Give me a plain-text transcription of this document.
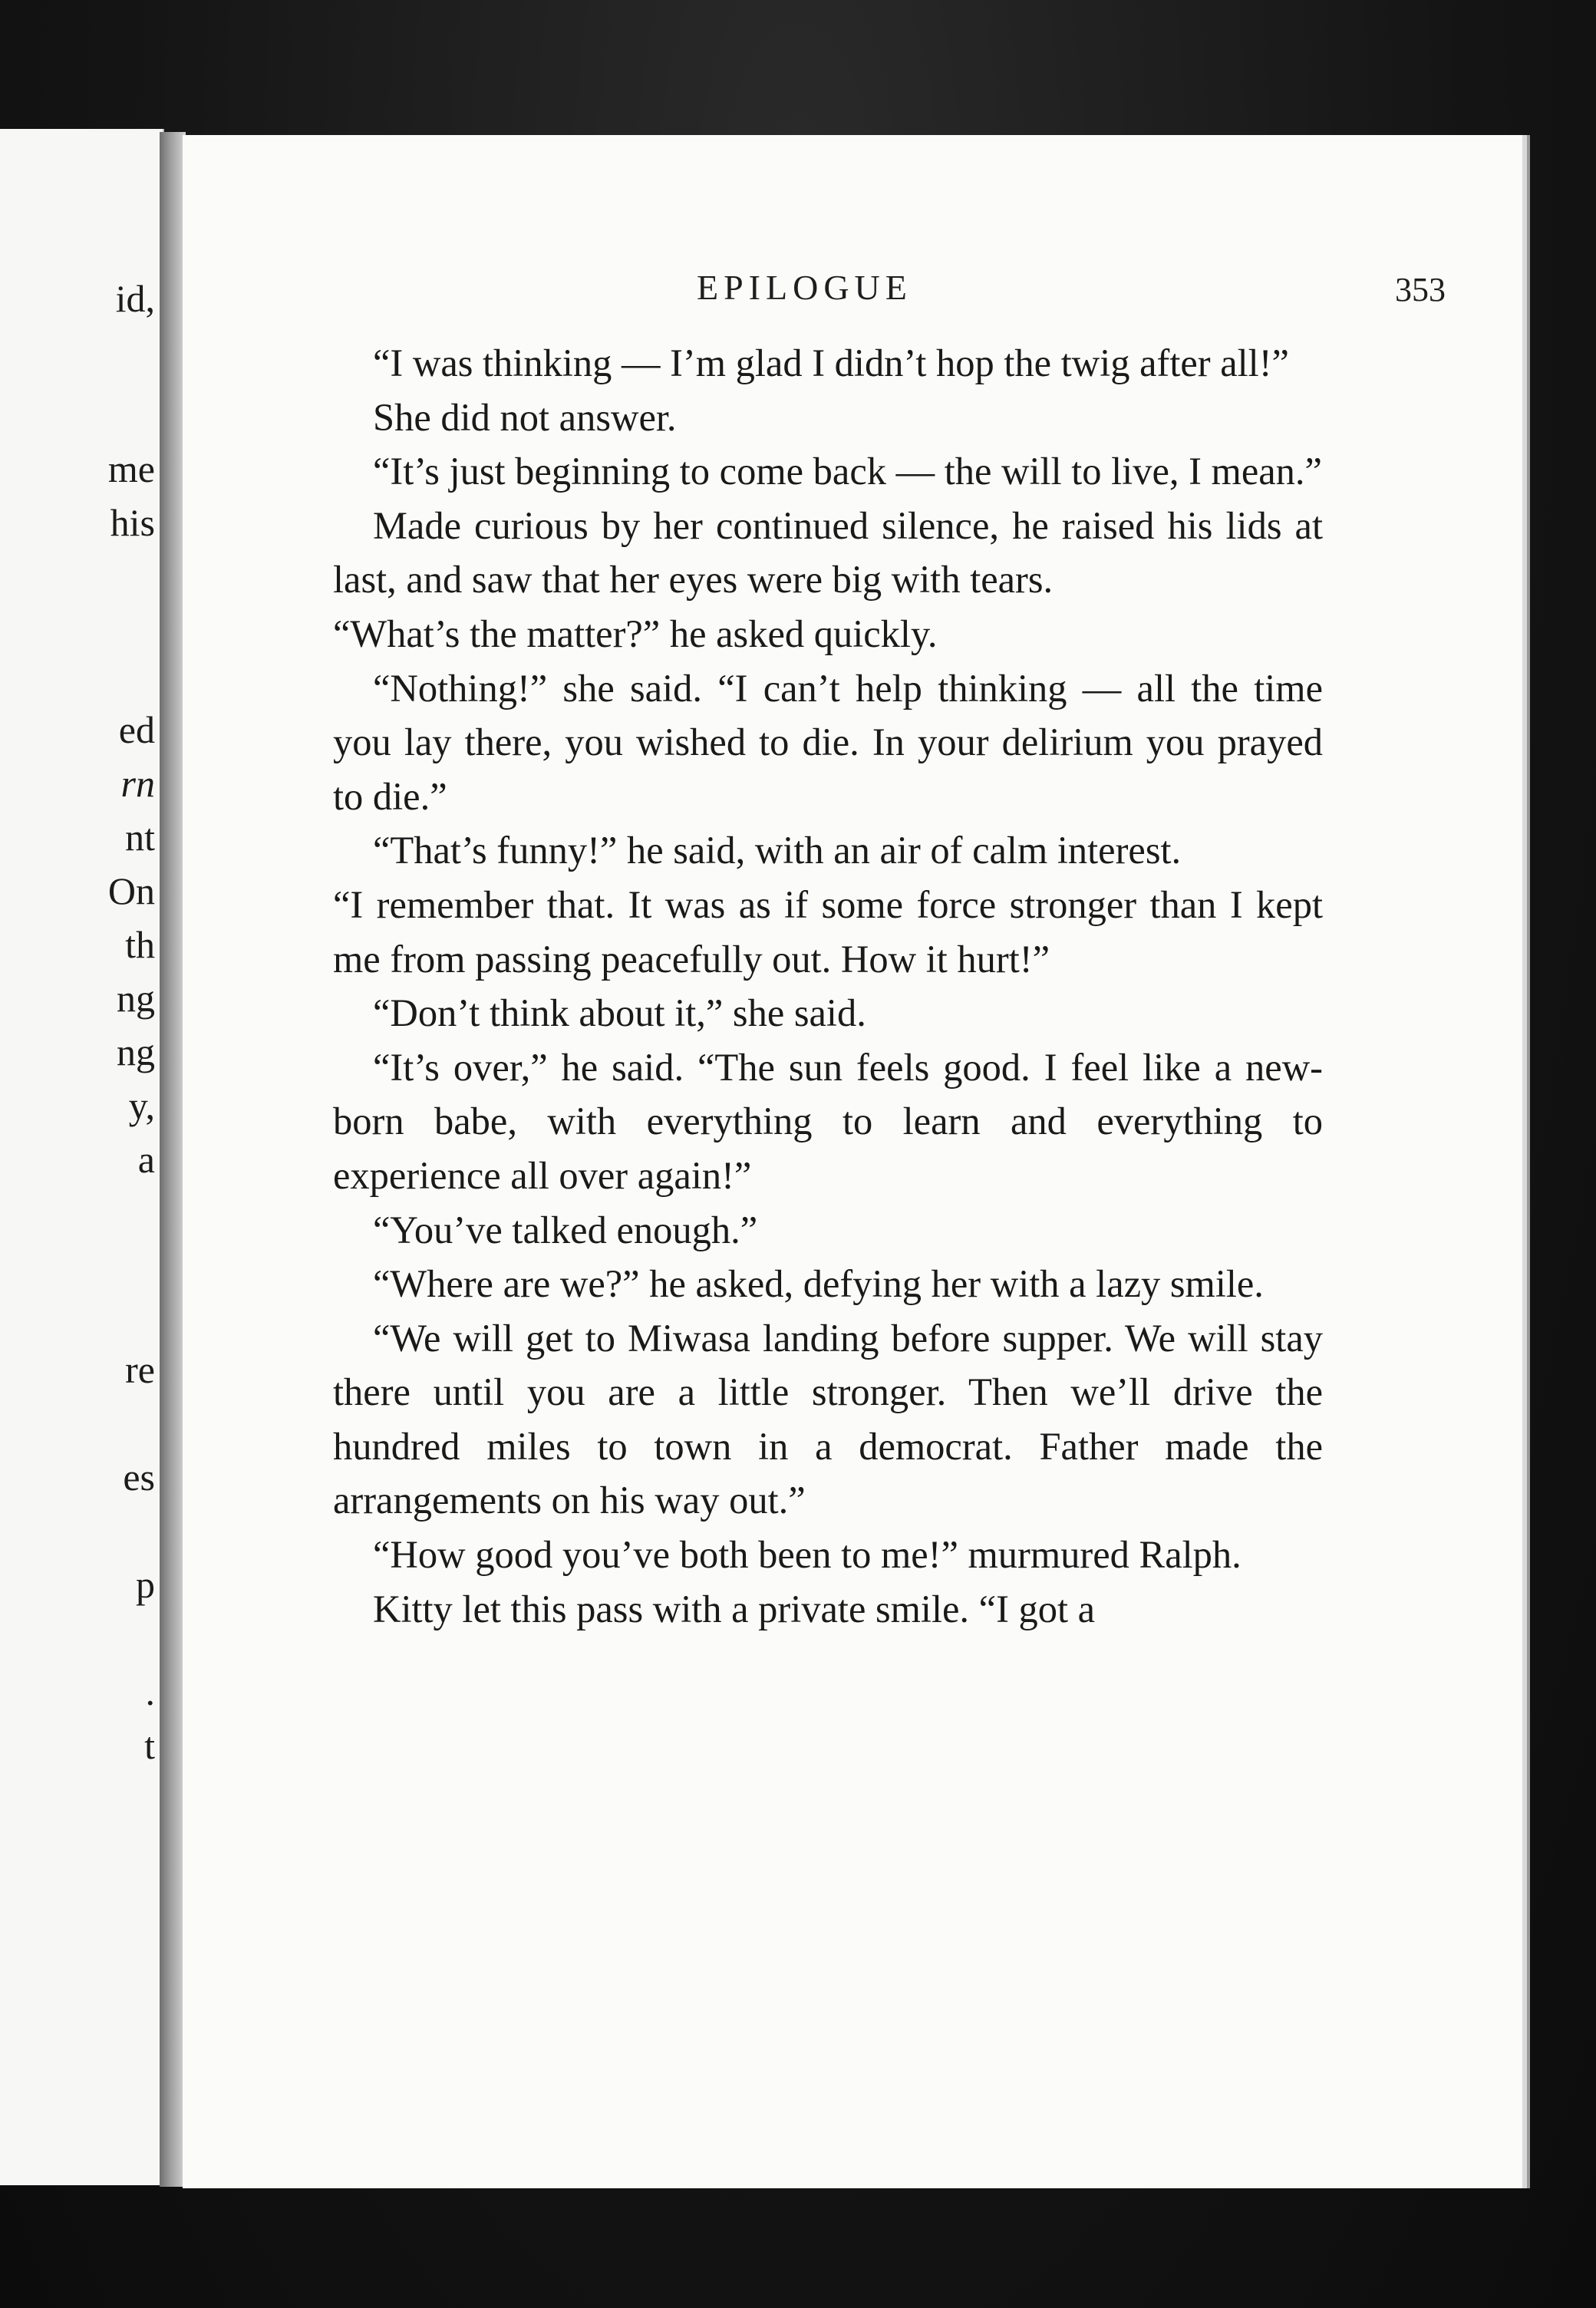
id,
me
his
ed
rn
nt
On
th
ng
ng
y,
a
re
es
p
.
t
EPILOGUE	353

“I was thinking — I’m glad I didn’t hop the twig after all!”

She did not answer.

“It’s just beginning to come back — the will to live, I mean.”

Made curious by her continued silence, he raised his lids at last, and saw that her eyes were big with tears.

“What’s the matter?” he asked quickly.

“Nothing!” she said. “I can’t help thinking — all the time you lay there, you wished to die. In your delirium you prayed to die.”

“That’s funny!” he said, with an air of calm interest.

“I remember that. It was as if some force stronger than I kept me from passing peacefully out. How it hurt!”

“Don’t think about it,” she said.

“It’s over,” he said. “The sun feels good. I feel like a new-born babe, with everything to learn and everything to experience all over again!”

“You’ve talked enough.”

“Where are we?” he asked, defying her with a lazy smile.

“We will get to Miwasa landing before supper. We will stay there until you are a little stronger. Then we’ll drive the hundred miles to town in a democrat. Father made the arrangements on his way out.”

“How good you’ve both been to me!” murmured Ralph.

Kitty let this pass with a private smile. “I got a
